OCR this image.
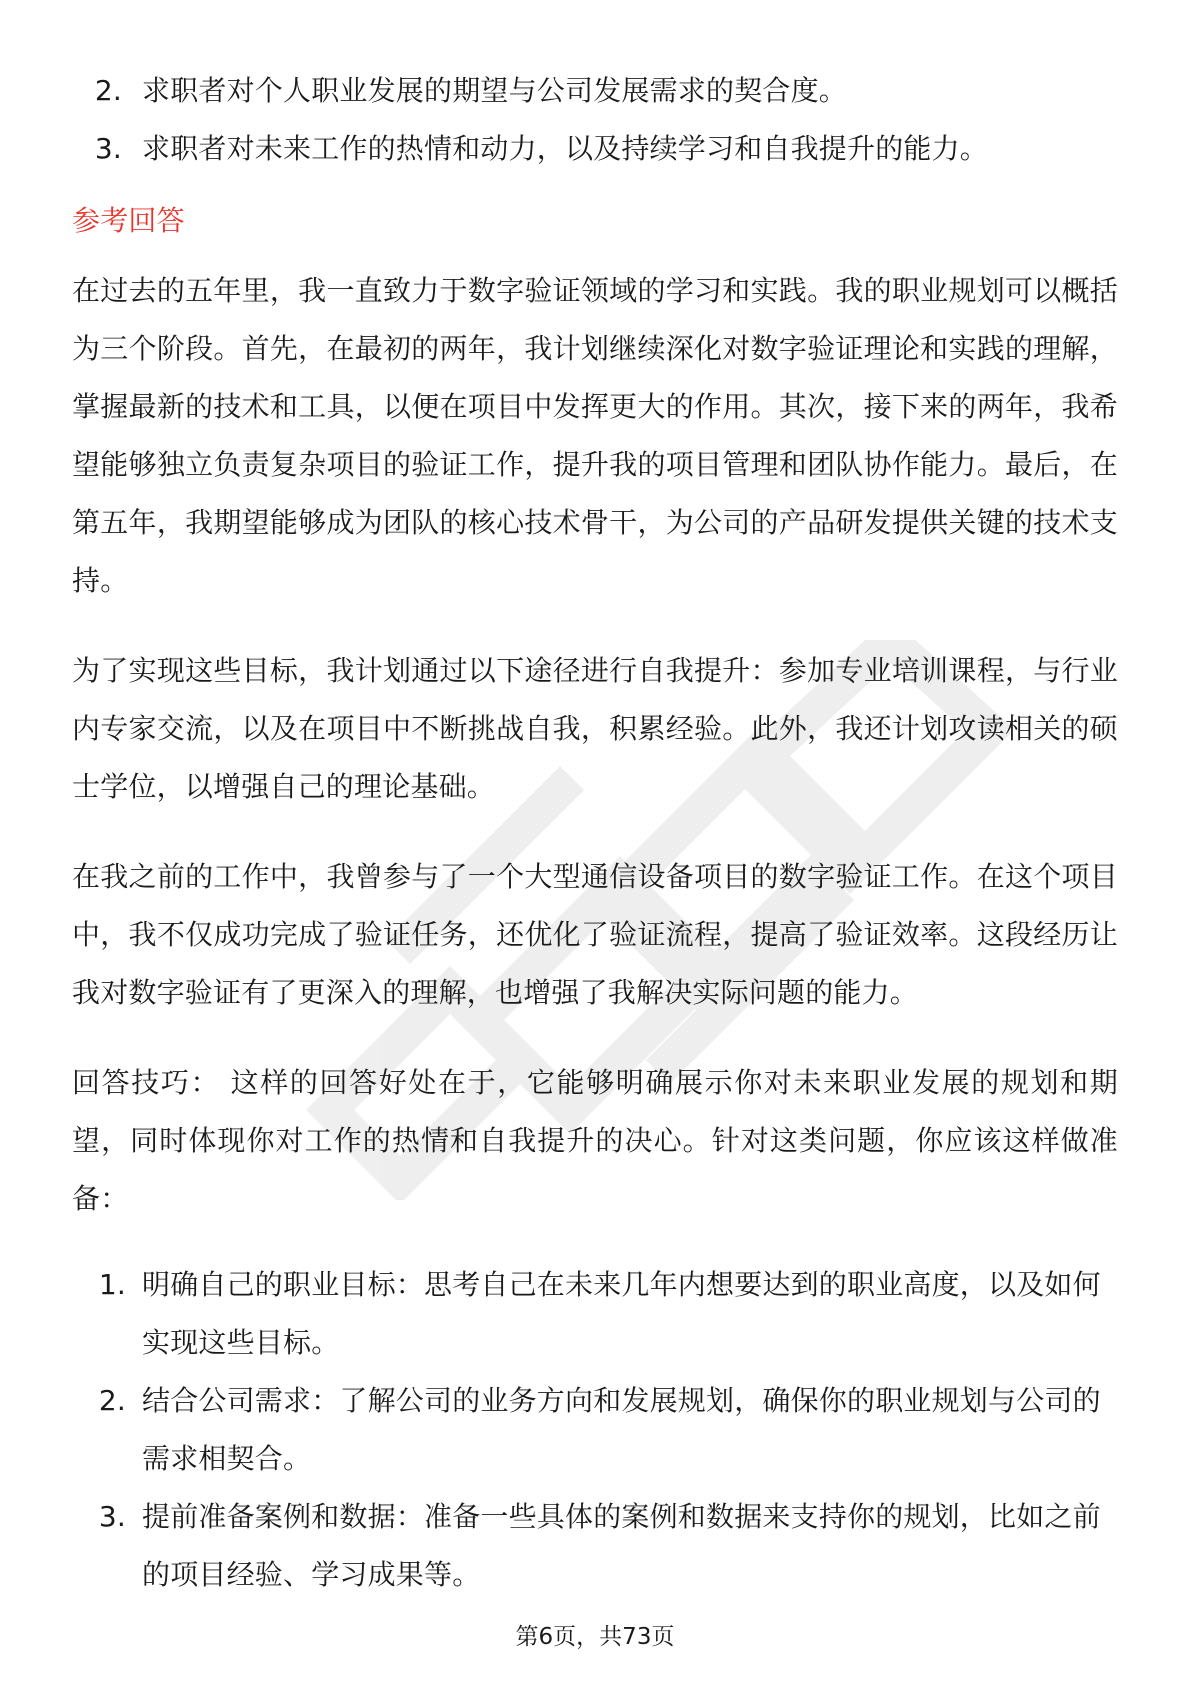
2. 求职者对个人职业发展的期望与公司发展需求的契合度。
3. 求职者对未来工作的热情和动力，以及持续学习和自我提升的能力。
参考回答

在过去的五年里，我一直致力于数字验证领域的学习和实践。我的职业规划可以概括为三个阶段。首先，在最初的两年，我计划继续深化对数字验证理论和实践的理解，掌握最新的技术和工具，以便在项目中发挥更大的作用。其次，接下来的两年，我希望能够独立负责复杂项目的验证工作，提升我的项目管理和团队协作能力。最后，在第五年，我期望能够成为团队的核心技术骨干，为公司的产品研发提供关键的技术支持。

为了实现这些目标，我计划通过以下途径进行自我提升：参加专业培训课程，与行业内专家交流，以及在项目中不断挑战自我，积累经验。此外，我还计划攻读相关的硕士学位，以增强自己的理论基础。

在我之前的工作中，我曾参与了一个大型通信设备项目的数字验证工作。在这个项目中，我不仅成功完成了验证任务，还优化了验证流程，提高了验证效率。这段经历让我对数字验证有了更深入的理解，也增强了我解决实际问题的能力。

回答技巧： 这样的回答好处在于，它能够明确展示你对未来职业发展的规划和期望，同时体现你对工作的热情和自我提升的决心。针对这类问题，你应该这样做准备：

1. 明确自己的职业目标：思考自己在未来几年内想要达到的职业高度，以及如何实现这些目标。
2. 结合公司需求：了解公司的业务方向和发展规划，确保你的职业规划与公司的需求相契合。
3. 提前准备案例和数据：准备一些具体的案例和数据来支持你的规划，比如之前的项目经验、学习成果等。
第6页，共73页
